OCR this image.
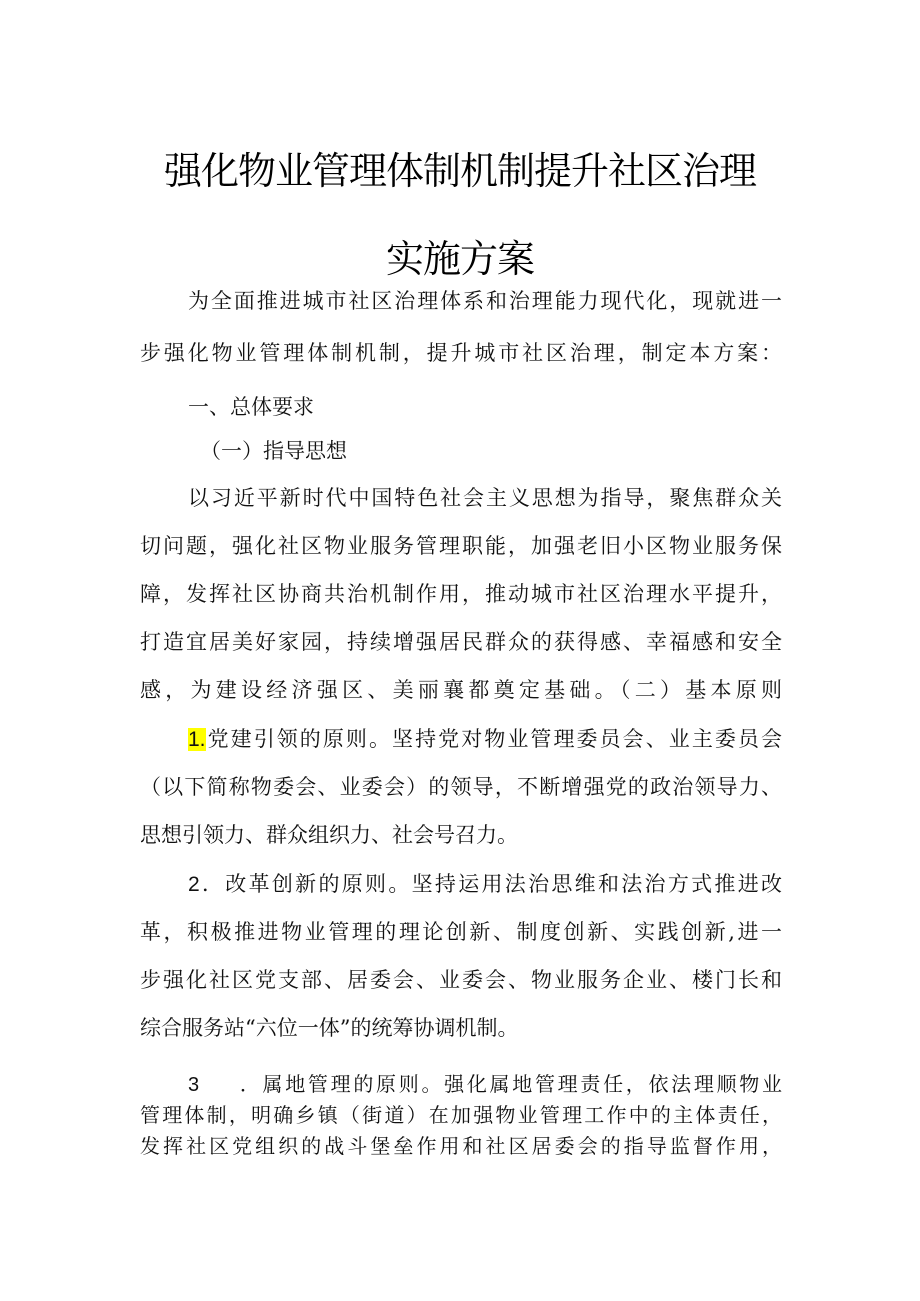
强化物业管理体制机制提升社区治理
实施方案
为全面推进城市社区治理体系和治理能力现代化，现就进一
步强化物业管理体制机制，提升城市社区治理，制定本方案：
一、总体要求
（一）指导思想
以习近平新时代中国特色社会主义思想为指导，聚焦群众关
切问题，强化社区物业服务管理职能，加强老旧小区物业服务保
障，发挥社区协商共治机制作用，推动城市社区治理水平提升，
打造宜居美好家园，持续增强居民群众的获得感、幸福感和安全
感，为建设经济强区、美丽襄都奠定基础。（二）基本原则
1.党建引领的原则。坚持党对物业管理委员会、业主委员会
（以下简称物委会、业委会）的领导，不断增强党的政治领导力、
思想引领力、群众组织力、社会号召力。
2．改革创新的原则。坚持运用法治思维和法治方式推进改
革，积极推进物业管理的理论创新、制度创新、实践创新,进一
步强化社区党支部、居委会、业委会、物业服务企业、楼门长和
综合服务站“六位一体”的统筹协调机制。
3 ．属地管理的原则。强化属地管理责任，依法理顺物业
管理体制，明确乡镇（街道）在加强物业管理工作中的主体责任，
发挥社区党组织的战斗堡垒作用和社区居委会的指导监督作用，
